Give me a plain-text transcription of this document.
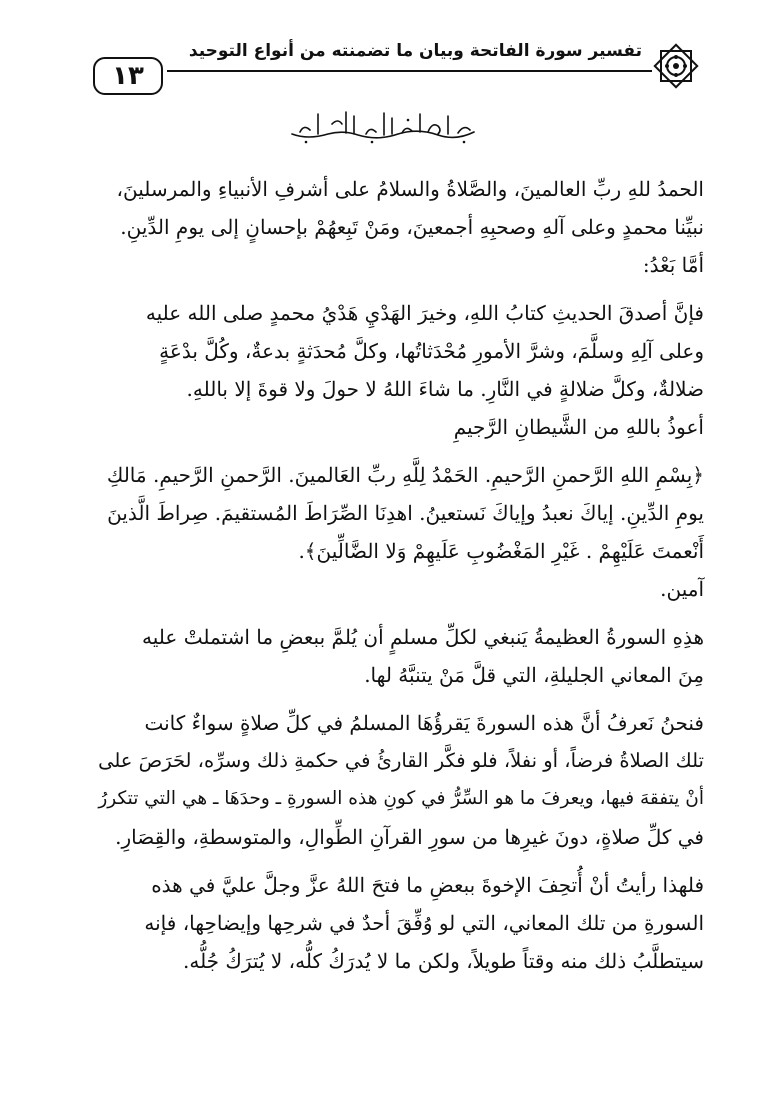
تفسير سورة الفاتحة وبيان ما تضمنته من أنواع التوحيد
١٣

الحمدُ للهِ ربِّ العالمينَ، والصَّلاةُ والسلامُ على أشرفِ الأنبياءِ والمرسلينَ،
نبيِّنا محمدٍ وعلى آلهِ وصحبِهِ أجمعينَ، ومَنْ تَبِعهُمْ بإحسانٍ إلى يومِ الدِّينِ.

أمَّا بَعْدُ:

فإنَّ أصدقَ الحديثِ كتابُ اللهِ، وخيرَ الهَدْيِ هَدْيُ محمدٍ صلى الله عليه
وعلى آلِهِ وسلَّمَ، وشرَّ الأمورِ مُحْدَثاتُها، وكلَّ مُحدَثةٍ بدعةٌ، وكُلَّ بدْعَةٍ
ضلالةٌ، وكلَّ ضلالةٍ في النَّارِ. ما شاءَ اللهُ لا حولَ ولا قوةَ إلا باللهِ.

أعوذُ باللهِ من الشَّيطانِ الرَّجيمِ

﴿بِسْمِ اللهِ الرَّحمنِ الرَّحيمِ. الحَمْدُ لِلَّهِ ربِّ العَالمينَ. الرَّحمنِ الرَّحيمِ. مَالكِ
يومِ الدِّينِ. إياكَ نعبدُ وإياكَ نَستعينُ. اهدِنَا الصِّرَاطَ المُستقيمَ. صِراطَ الَّذينَ
أَنْعمتَ عَلَيْهِمْ . غَيْرِ المَغْضُوبِ عَلَيهِمْ وَلا الضَّالِّينَ﴾.

آمين.

هذِهِ السورةُ العظيمةُ يَنبغي لكلِّ مسلمٍ أن يُلمَّ ببعضِ ما اشتملتْ عليه
مِنَ المعاني الجليلةِ، التي قلَّ مَنْ يتنبَّهُ لها.

فنحنُ نَعرفُ أنَّ هذه السورةَ يَقرؤُهَا المسلمُ في كلِّ صلاةٍ سواءٌ كانت
تلك الصلاةُ فرضاً، أو نفلاً، فلو فكَّر القارئُ في حكمةِ ذلك وسرِّه، لحَرَصَ على
أنْ يتفقهَ فيها، ويعرفَ ما هو السِّرُّ في كونِ هذه السورةِ ـ وحدَهَا ـ هي التي تتكررُ
في كلِّ صلاةٍ، دونَ غيرِها من سورِ القرآنِ الطِّوالِ، والمتوسطةِ، والقِصَارِ.

فلهذا رأيتُ أنْ أُتحِفَ الإخوةَ ببعضِ ما فتحَ اللهُ عزَّ وجلَّ عليَّ في هذه
السورةِ من تلك المعاني، التي لو وُفِّقَ أحدٌ في شرحِها وإيضاحِها، فإنه
سيتطلَّبُ ذلك منه وقتاً طويلاً، ولكن ما لا يُدرَكُ كلُّه، لا يُترَكُ جُلُّه.
